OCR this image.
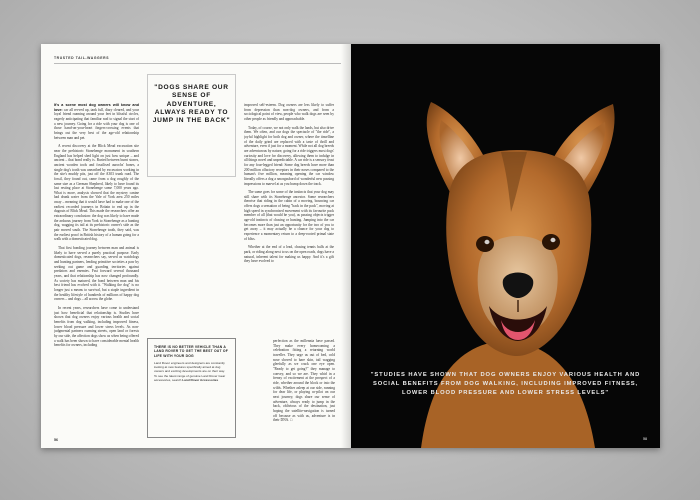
TRUSTED TAIL-WAGGERS

It's a scene most dog owners will know and love: car all revved up, tank full, diary cleared, and your loyal friend roaming around your feet in blissful circles, eagerly anticipating that familiar nod to signal the start of a new journey. Going for a ride with your dog is one of those hand-on-your-heart fingers-crossing events that brings out the very best of the age-old relationship between man and pet.

A recent discovery at the Blick Mead excavation site near the prehistoric Stonehenge monument in southern England has helped shed light on just how unique – and ancient – that bond really is. Buried between burnt stones, ancient wooden tools and fossilised aurochs' bones, a single dog's tooth was unearthed by excavators working in the site's muddy pits, just off the A303 trunk road. The fossil, they found out, came from a dog roughly of the same size as a German Shepherd, likely to have found its last resting place at Stonehenge some 7,000 years ago. What is more, analysis showed that the mystery canine had drunk water from the Vale of York area 250 miles away – meaning that it would have had to make one of the earliest recorded journeys in Britain to end up in the dugouts of Blick Mead. This made the researchers offer an extraordinary conclusion: the dog was likely to have made the arduous journey from York to Stonehenge as a hunting dog, wagging its tail at its prehistoric owner's side as the pair moved south. The Stonehenge tooth, they said, was the earliest proof in British history of a human going for a walk with a domesticated dog.

That first bonding journey between man and animal is likely to have served a purely practical purpose. Early domesticated dogs, researchers say, served as watchdogs and hunting partners, lending primitive societies a paw by seeking out game and guarding territories against predators and enemies. Fast forward several thousand years, and that relationship has now changed profoundly. As society has matured, the bond between man and his best friend has evolved with it. "Walking the dog" is no longer just a means to survival, but a staple ingredient in the healthy lifestyle of hundreds of millions of happy dog owners – and dogs – all across the globe.

In recent years, researchers have come to understand just how beneficial that relationship is. Studies have shown that dog owners enjoy various health and social benefits from dog walking, including improved fitness, lower blood pressure and lower stress levels. As non-judgmental partners roaming streets, open land or forests by our side, the affection dogs show us when being offered a walk has been shown to have considerable mental health benefits for owners, including

"DOGS SHARE OUR SENSE OF ADVENTURE, ALWAYS READY TO JUMP IN THE BACK"

improved self-esteem. Dog owners are less likely to suffer from depression than non-dog owners, and from a sociological point of view, people who walk dogs are seen by other people as friendly and approachable.

Today, of course, we not only walk the lands, but also drive them. We often, and our dogs the spectacle of "the ride", a joyful highlight for both dog and owner, where the tinselline of the daily grind are replaced with a taste of thrill and adventure, even if just for a moment. While not all dog breeds are adventurous by nature, going for a ride triggers most dogs' curiosity and love for discovery, allowing them to indulge in all things novel and unpredictable. A car ride is a sensory feast for any four-legged friend: Some dog breeds have more than 200 million olfactory receptors in their noses compared to the human's five million, meaning opening the car window literally offers a dog a smorgasbord of wonderful new passing impressions to marvel at as you bump down the track.

The same goes for some of the instincts that your dog may still share with its Stonehenge ancestor. Some researchers theorise that riding in the cabin of a moving, bouncing car offers dogs a sensation of being "back in the pack", moving at high speed in synchronised movement with its favourite pack member of all (that would be you), as passing objects trigger age-old instincts of chasing or hunting. Jumping into the car becomes more than just an opportunity for the two of you to get away – it may actually be a chance for your dog to experience a momentary return to a deep-rooted primal state of bliss.

Whether at the end of a lead, chasing tennis balls at the park, or riding along next to us on the open roads, dogs have a natural, inherent talent for making us happy. And it's a gift they have evolved to

perfection as the millennia have passed. They make every homecoming a celebration fitting a returning world traveller. They urge us out of bed, cold nose shoved to bare skin, tail wagging gleefully as we crack one eye open. "Ready to get going?" they manage to convey, and so we are. They whirl in a frenzy of excitement at the prospect of a ride, whether around the block or into the wilds. Whether asleep at our side, running for dear life, or playing co-pilot on our next journey, dogs share our sense of adventure, always ready to jump in the back, oblivious of the destination, just hoping the satellite-navigation is turned off because as with us, adventure is in their DNA. □
THERE IS NO BETTER VEHICLE THAN A LAND ROVER TO GET THE BEST OUT OF LIFE WITH YOUR DOG
Land Rover engineers and designers are constantly looking at new features specifically aimed at dog owners and exciting developments are on their way. To see the latest range of genuine Land Rover Gear accessories, search Land Rover Accessories
56
"STUDIES HAVE SHOWN THAT DOG OWNERS ENJOY VARIOUS HEALTH AND SOCIAL BENEFITS FROM DOG WALKING, INCLUDING IMPROVED FITNESS, LOWER BLOOD PRESSURE AND LOWER STRESS LEVELS"
58
